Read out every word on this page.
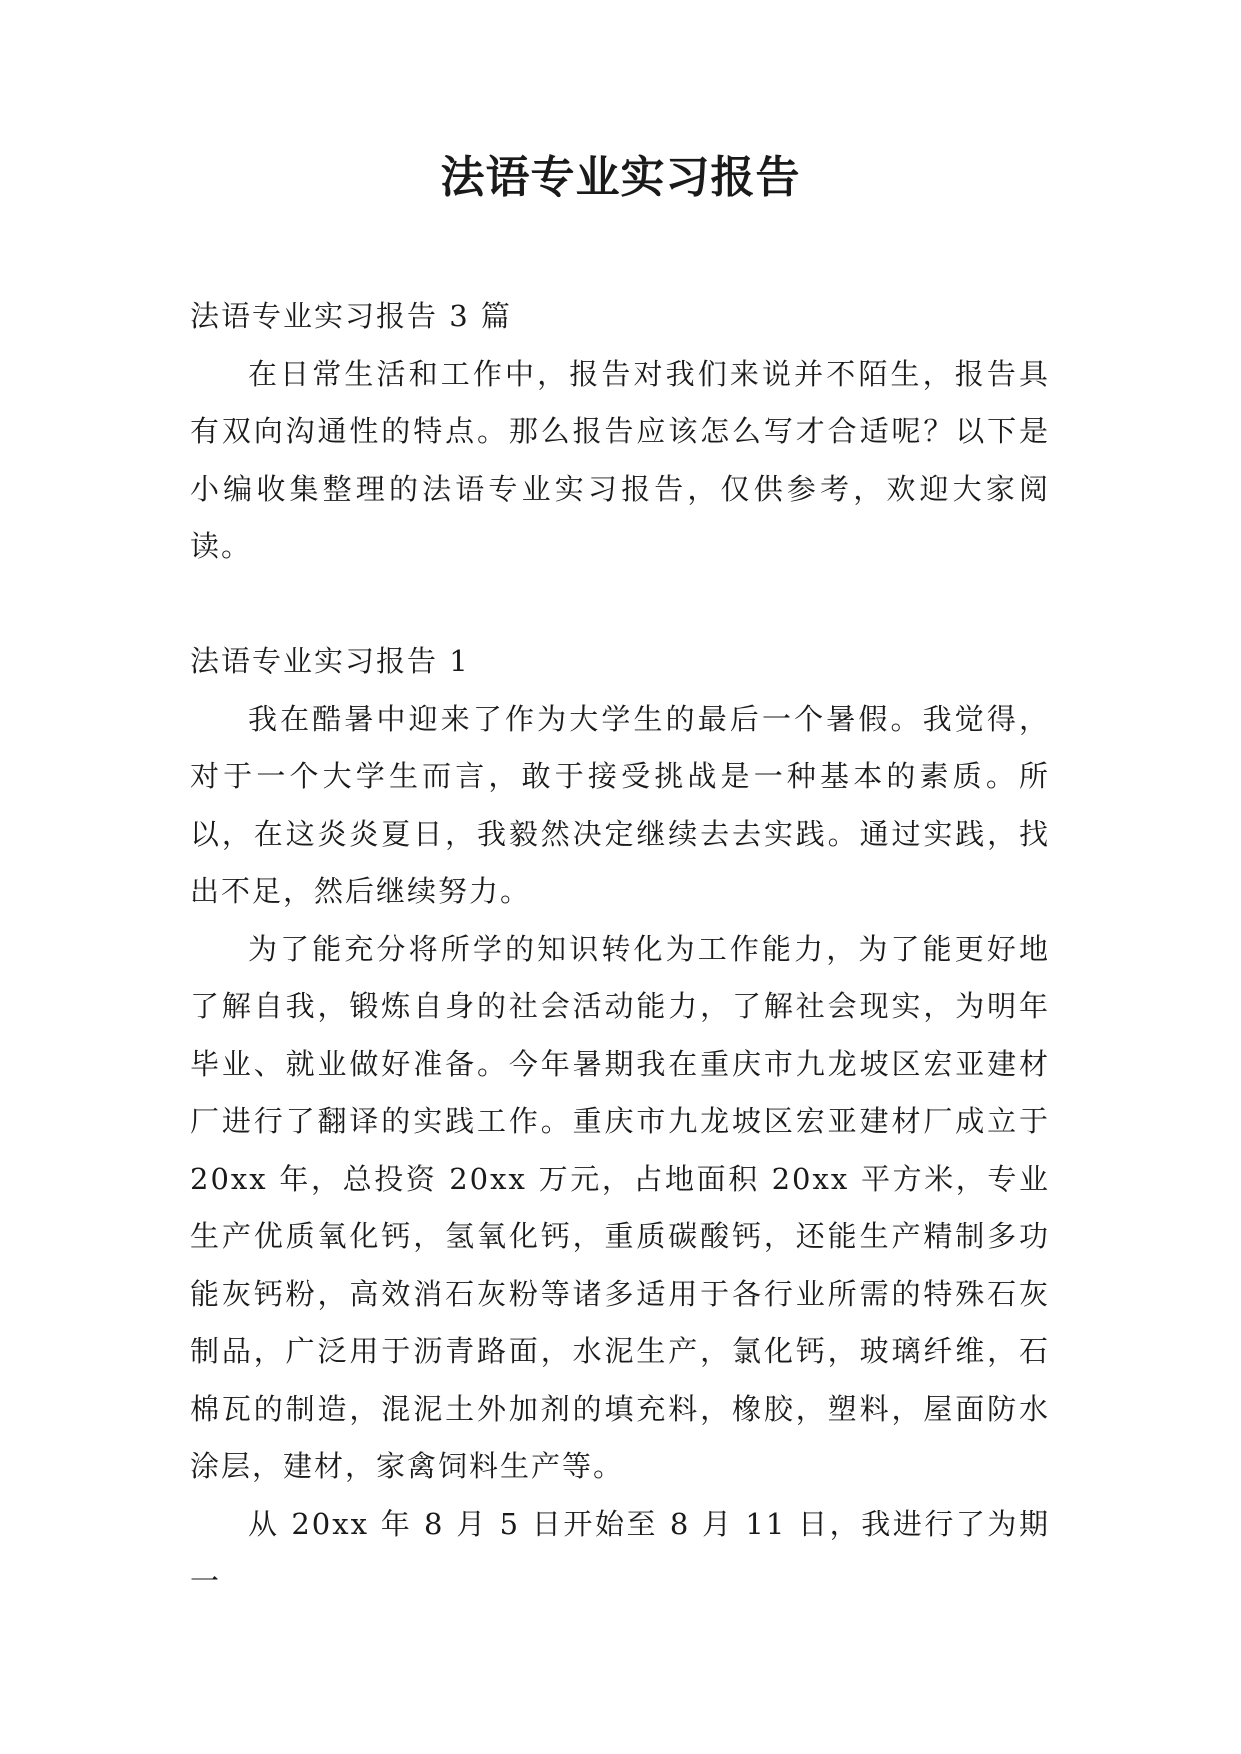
法语专业实习报告

法语专业实习报告 3 篇

在日常生活和工作中，报告对我们来说并不陌生，报告具有双向沟通性的特点。那么报告应该怎么写才合适呢？以下是小编收集整理的法语专业实习报告，仅供参考，欢迎大家阅读。

法语专业实习报告 1

我在酷暑中迎来了作为大学生的最后一个暑假。我觉得，对于一个大学生而言，敢于接受挑战是一种基本的素质。所以，在这炎炎夏日，我毅然决定继续去去实践。通过实践，找出不足，然后继续努力。

为了能充分将所学的知识转化为工作能力，为了能更好地了解自我，锻炼自身的社会活动能力，了解社会现实，为明年毕业、就业做好准备。今年暑期我在重庆市九龙坡区宏亚建材厂进行了翻译的实践工作。重庆市九龙坡区宏亚建材厂成立于 20xx 年，总投资 20xx 万元，占地面积 20xx 平方米，专业生产优质氧化钙，氢氧化钙，重质碳酸钙，还能生产精制多功能灰钙粉，高效消石灰粉等诸多适用于各行业所需的特殊石灰制品，广泛用于沥青路面，水泥生产，氯化钙，玻璃纤维，石棉瓦的制造，混泥土外加剂的填充料，橡胶，塑料，屋面防水涂层，建材，家禽饲料生产等。

从 20xx 年 8 月 5 日开始至 8 月 11 日，我进行了为期一
